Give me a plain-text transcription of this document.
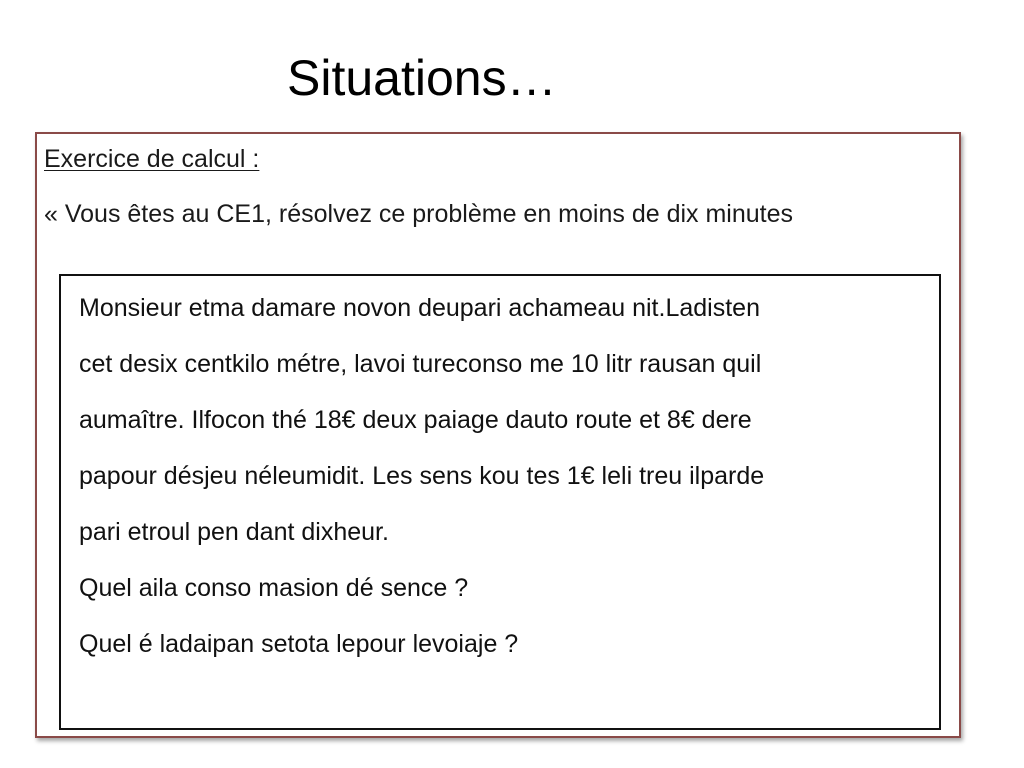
Situations…
Exercice de calcul :
« Vous êtes au CE1, résolvez ce problème en moins de dix minutes
Monsieur etma damare novon deupari achameau nit.Ladisten
cet desix centkilo métre, lavoi tureconso me 10 litr rausan quil
aumaître. Ilfocon thé 18€ deux paiage dauto route et 8€ dere
papour désjeu néleumidit. Les sens kou tes 1€ leli treu ilparde
pari etroul pen dant dixheur.
Quel aila conso masion dé sence ?
Quel é ladaipan setota lepour levoiaje ?
